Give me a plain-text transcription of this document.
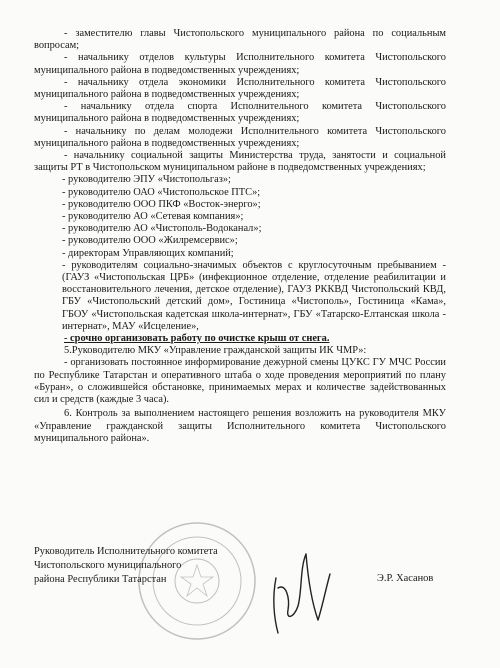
- заместителю главы Чистопольского муниципального района по социальным вопросам;

- начальнику отделов культуры Исполнительного комитета Чистопольского муниципального района в подведомственных учреждениях;

- начальнику отдела экономики Исполнительного комитета Чистопольского муниципального района в подведомственных учреждениях;

- начальнику отдела спорта Исполнительного комитета Чистопольского муниципального района в подведомственных учреждениях;

- начальнику по делам молодежи Исполнительного комитета Чистопольского муниципального района в подведомственных учреждениях;

- начальнику социальной защиты Министерства труда, занятости и социальной защиты РТ в Чистопольском муниципальном районе в подведомственных учреждениях;

- руководителю ЭПУ «Чистопольгаз»;

- руководителю ОАО «Чистопольское ПТС»;

- руководителю ООО ПКФ «Восток-энерго»;

- руководителю АО «Сетевая компания»;

- руководителю АО «Чистополь-Водоканал»;

- руководителю ООО «Жилремсервис»;

- директорам Управляющих компаний;

- руководителям социально-значимых объектов с круглосуточным пребыванием -(ГАУЗ «Чистопольская ЦРБ» (инфекционное отделение, отделение реабилитации и восстановительного лечения, детское отделение), ГАУЗ РККВД Чистопольский КВД, ГБУ «Чистопольский детский дом», Гостиница «Чистополь», Гостиница «Кама», ГБОУ «Чистопольская кадетская школа-интернат», ГБУ «Татарско-Елтанская школа - интернат», МАУ «Исцеление»,

- срочно организовать работу по очистке крыш от снега.

5.Руководителю МКУ «Управление гражданской защиты ИК ЧМР»:

- организовать постоянное информирование дежурной смены ЦУКС ГУ МЧС России по Республике Татарстан и оперативного штаба о ходе проведения мероприятий по плану «Буран», о сложившейся обстановке, принимаемых мерах и количестве задействованных сил и средств (каждые 3 часа).

6. Контроль за выполнением настоящего решения возложить на руководителя МКУ «Управление гражданской защиты Исполнительного комитета Чистопольского муниципального района».

Руководитель Исполнительного комитета
Чистопольского муниципального
района Республики Татарстан	Э.Р. Хасанов
